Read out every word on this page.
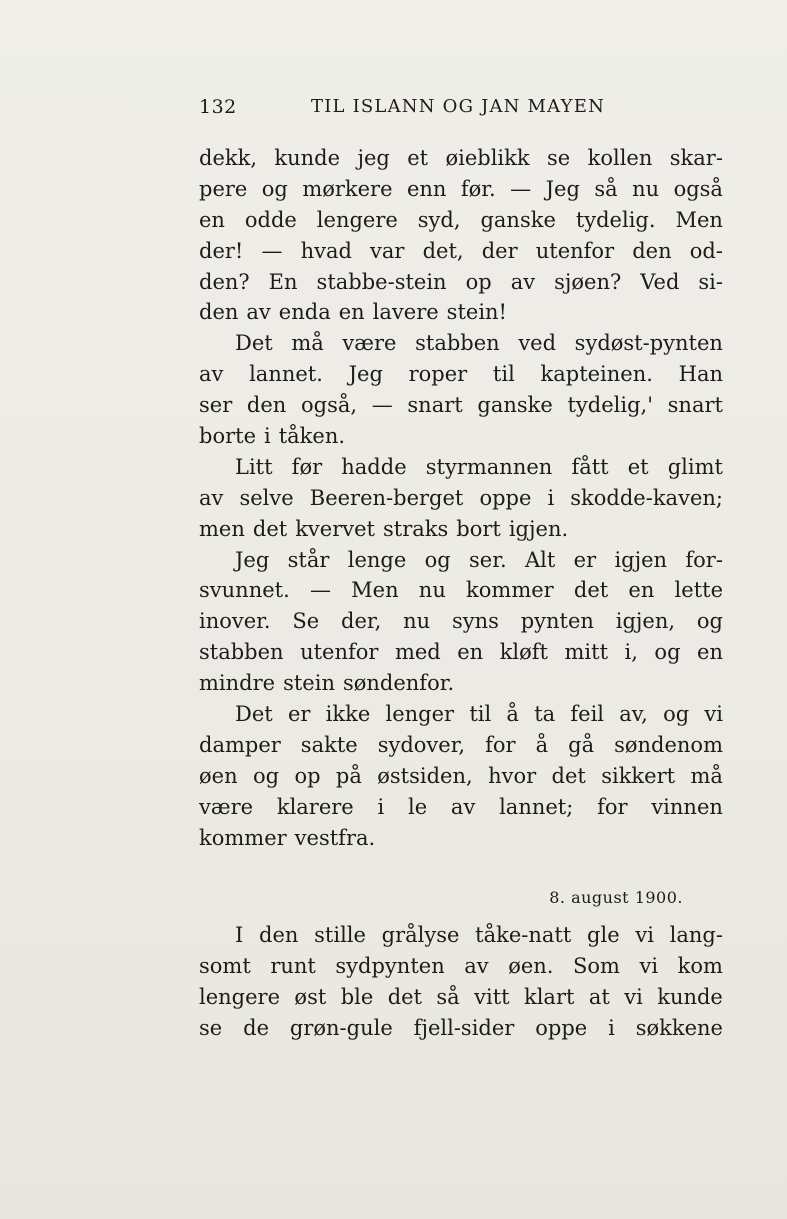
132	TIL ISLANN OG JAN MAYEN
dekk, kunde jeg et øieblikk se kollen skar-
pere og mørkere enn før. — Jeg så nu også
en odde lengere syd, ganske tydelig. Men
der! — hvad var det, der utenfor den od-
den? En stabbe-stein op av sjøen? Ved si-
den av enda en lavere stein!
Det må være stabben ved sydøst-pynten
av lannet. Jeg roper til kapteinen. Han
ser den også, — snart ganske tydelig,' snart
borte i tåken.
Litt før hadde styrmannen fått et glimt
av selve Beeren-berget oppe i skodde-kaven;
men det kvervet straks bort igjen.
Jeg står lenge og ser. Alt er igjen for-
svunnet. — Men nu kommer det en lette
inover. Se der, nu syns pynten igjen, og
stabben utenfor med en kløft mitt i, og en
mindre stein søndenfor.
Det er ikke lenger til å ta feil av, og vi
damper sakte sydover, for å gå søndenom
øen og op på østsiden, hvor det sikkert må
være klarere i le av lannet; for vinnen
kommer vestfra.
8. august 1900.
I den stille grålyse tåke-natt gle vi lang-
somt runt sydpynten av øen. Som vi kom
lengere øst ble det så vitt klart at vi kunde
se de grøn-gule fjell-sider oppe i søkkene
